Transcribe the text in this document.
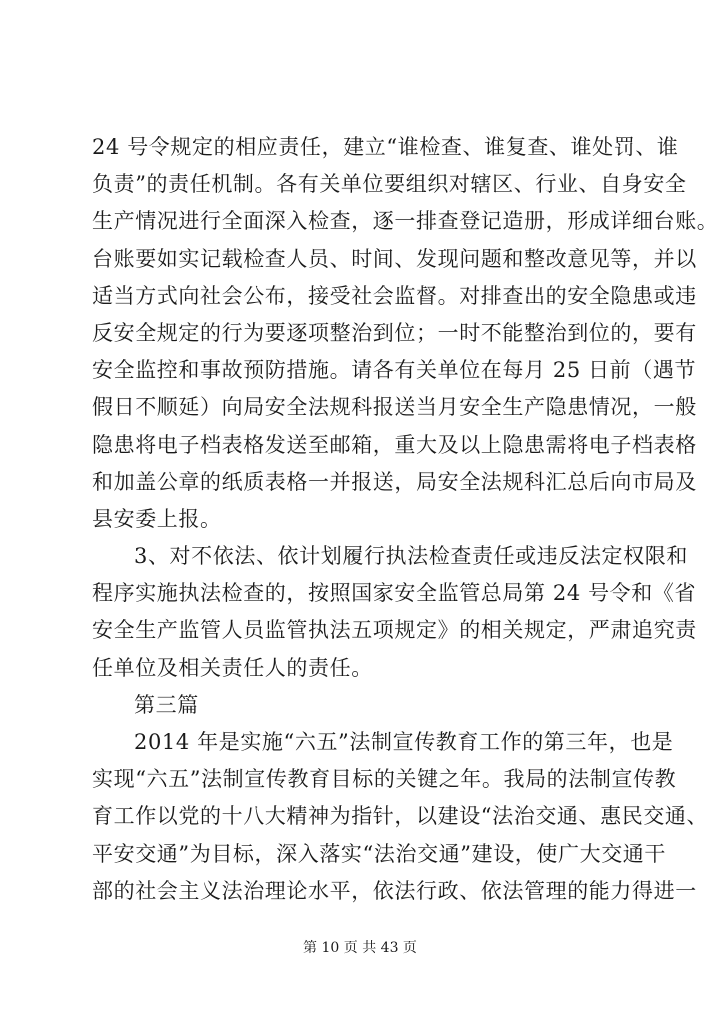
24 号令规定的相应责任，建立“谁检查、谁复查、谁处罚、谁
负责”的责任机制。各有关单位要组织对辖区、行业、自身安全
生产情况进行全面深入检查，逐一排查登记造册，形成详细台账。
台账要如实记载检查人员、时间、发现问题和整改意见等，并以
适当方式向社会公布，接受社会监督。对排查出的安全隐患或违
反安全规定的行为要逐项整治到位；一时不能整治到位的，要有
安全监控和事故预防措施。请各有关单位在每月 25 日前（遇节
假日不顺延）向局安全法规科报送当月安全生产隐患情况，一般
隐患将电子档表格发送至邮箱，重大及以上隐患需将电子档表格
和加盖公章的纸质表格一并报送，局安全法规科汇总后向市局及
县安委上报。
3、对不依法、依计划履行执法检查责任或违反法定权限和
程序实施执法检查的，按照国家安全监管总局第 24 号令和《省
安全生产监管人员监管执法五项规定》的相关规定，严肃追究责
任单位及相关责任人的责任。
第三篇
2014 年是实施“六五”法制宣传教育工作的第三年，也是
实现“六五”法制宣传教育目标的关键之年。我局的法制宣传教
育工作以党的十八大精神为指针，以建设“法治交通、惠民交通、
平安交通”为目标，深入落实“法治交通”建设，使广大交通干
部的社会主义法治理论水平，依法行政、依法管理的能力得进一
第 10 页 共 43 页
